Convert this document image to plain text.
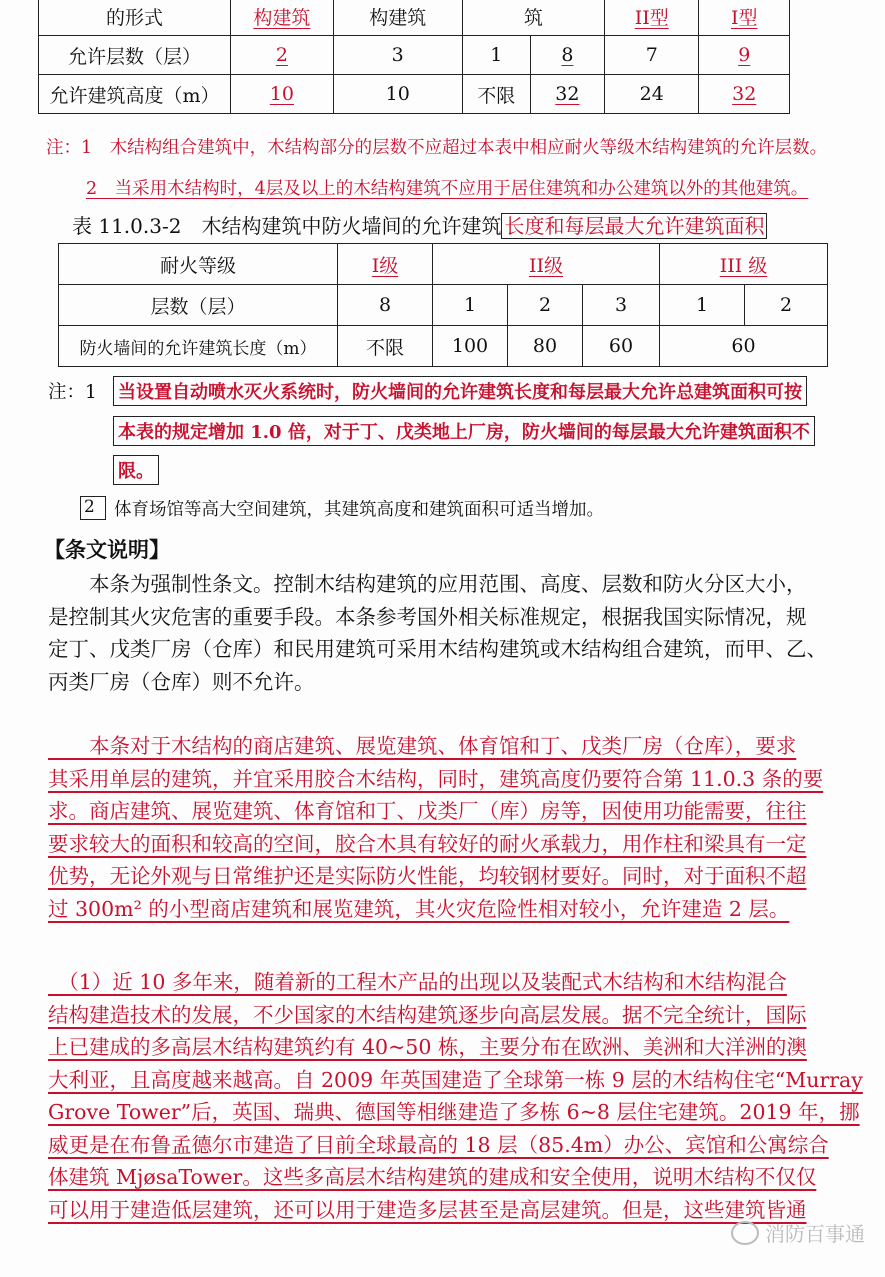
的形式	构建筑	构建筑	筑		II型	I型
允许层数（层）	2	3	1	8	7	9
允许建筑高度（m）	10	10	不限	32	24	32
注：1　木结构组合建筑中，木结构部分的层数不应超过本表中相应耐火等级木结构建筑的允许层数。
2　当采用木结构时，4层及以上的木结构建筑不应用于居住建筑和办公建筑以外的其他建筑。
表 11.0.3-2　木结构建筑中防火墙间的允许建筑 长度和每层最大允许建筑面积
耐火等级	I级	II级			III 级	
层数（层）	8	1	2	3	1	2
防火墙间的允许建筑长度（m）	不限	100	80	60	60	
注：1 当设置自动喷水灭火系统时，防火墙间的允许建筑长度和每层最大允许总建筑面积可按
本表的规定增加 1.0 倍，对于丁、戊类地上厂房，防火墙间的每层最大允许建筑面积不
限。
2	体育场馆等高大空间建筑，其建筑高度和建筑面积可适当增加。
【条文说明】
　　本条为强制性条文。控制木结构建筑的应用范围、高度、层数和防火分区大小，
是控制其火灾危害的重要手段。本条参考国外相关标准规定，根据我国实际情况，规
定丁、戊类厂房（仓库）和民用建筑可采用木结构建筑或木结构组合建筑，而甲、乙、
丙类厂房（仓库）则不允许。
　　本条对于木结构的商店建筑、展览建筑、体育馆和丁、戊类厂房（仓库），要求
其采用单层的建筑，并宜采用胶合木结构，同时，建筑高度仍要符合第 11.0.3 条的要
求。商店建筑、展览建筑、体育馆和丁、戊类厂（库）房等，因使用功能需要，往往
要求较大的面积和较高的空间，胶合木具有较好的耐火承载力，用作柱和梁具有一定
优势，无论外观与日常维护还是实际防火性能，均较钢材要好。同时，对于面积不超
过 300m² 的小型商店建筑和展览建筑，其火灾危险性相对较小，允许建造 2 层。
　（1）近 10 多年来，随着新的工程木产品的出现以及装配式木结构和木结构混合
结构建造技术的发展，不少国家的木结构建筑逐步向高层发展。据不完全统计，国际
上已建成的多高层木结构建筑约有 40~50 栋，主要分布在欧洲、美洲和大洋洲的澳
大利亚，且高度越来越高。自 2009 年英国建造了全球第一栋 9 层的木结构住宅“Murray
Grove Tower”后，英国、瑞典、德国等相继建造了多栋 6~8 层住宅建筑。2019 年，挪
威更是在布鲁孟德尔市建造了目前全球最高的 18 层（85.4m）办公、宾馆和公寓综合
体建筑 MjøsaTower。这些多高层木结构建筑的建成和安全使用，说明木结构不仅仅
可以用于建造低层建筑，还可以用于建造多层甚至是高层建筑。但是，这些建筑皆通
消防百事通
